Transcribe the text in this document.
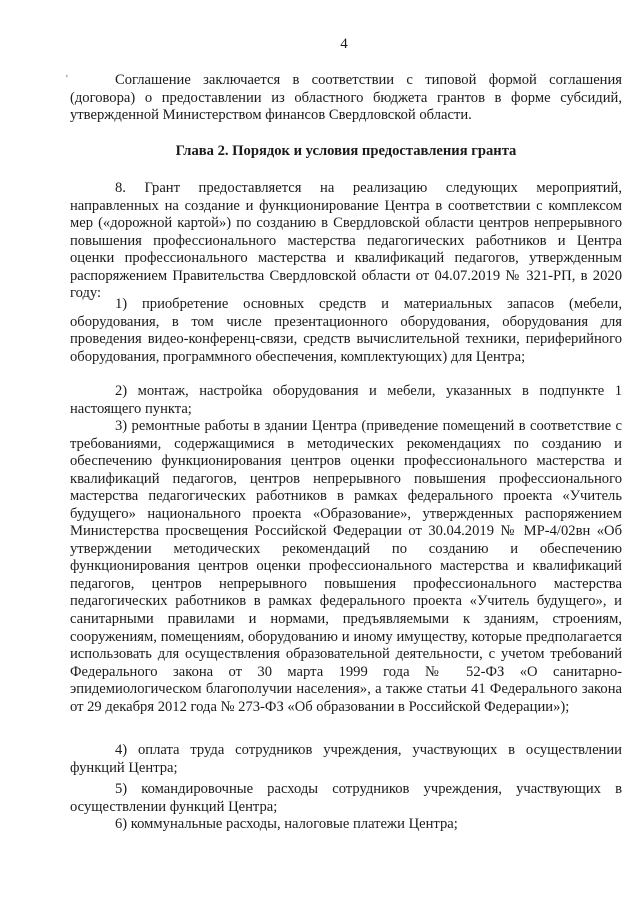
4
'	Соглашение заключается в соответствии с типовой формой соглашения (договора) о предоставлении из областного бюджета грантов в форме субсидий, утвержденной Министерством финансов Свердловской области.

Глава 2. Порядок и условия предоставления гранта

8. Грант предоставляется на реализацию следующих мероприятий, направленных на создание и функционирование Центра в соответствии с комплексом мер («дорожной картой») по созданию в Свердловской области центров непрерывного повышения профессионального мастерства педагогических работников и Центра оценки профессионального мастерства и квалификаций педагогов, утвержденным распоряжением Правительства Свердловской области от 04.07.2019 № 321-РП, в 2020 году:

1) приобретение основных средств и материальных запасов (мебели, оборудования, в том числе презентационного оборудования, оборудования для проведения видео-конференц-связи, средств вычислительной техники, периферийного оборудования, программного обеспечения, комплектующих) для Центра;

2) монтаж, настройка оборудования и мебели, указанных в подпункте 1 настоящего пункта;

3) ремонтные работы в здании Центра (приведение помещений в соответствие с требованиями, содержащимися в методических рекомендациях по созданию и обеспечению функционирования центров оценки профессионального мастерства и квалификаций педагогов, центров непрерывного повышения профессионального мастерства педагогических работников в рамках федерального проекта «Учитель будущего» национального проекта «Образование», утвержденных распоряжением Министерства просвещения Российской Федерации от 30.04.2019 № МР-4/02вн «Об утверждении методических рекомендаций по созданию и обеспечению функционирования центров оценки профессионального мастерства и квалификаций педагогов, центров непрерывного повышения профессионального мастерства педагогических работников в рамках федерального проекта «Учитель будущего», и санитарными правилами и нормами, предъявляемыми к зданиям, строениям, сооружениям, помещениям, оборудованию и иному имуществу, которые предполагается использовать для осуществления образовательной деятельности, с учетом требований Федерального закона от 30 марта 1999 года № 52-ФЗ «О санитарно-эпидемиологическом благополучии населения», а также статьи 41 Федерального закона от 29 декабря 2012 года № 273-ФЗ «Об образовании в Российской Федерации»);

4) оплата труда сотрудников учреждения, участвующих в осуществлении функций Центра;

5) командировочные расходы сотрудников учреждения, участвующих в осуществлении функций Центра;

6) коммунальные расходы, налоговые платежи Центра;
